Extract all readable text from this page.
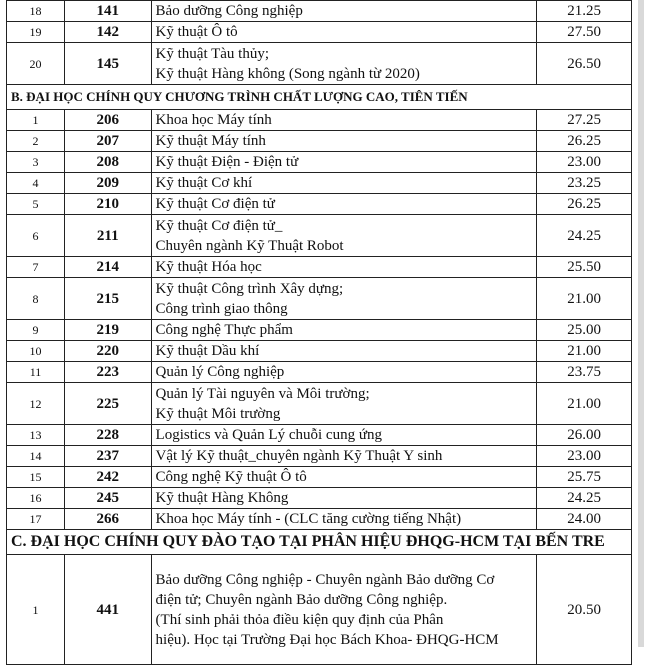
18	141	Bảo dưỡng Công nghiệp	21.25
19	142	Kỹ thuật Ô tô	27.50
20	145	Kỹ thuật Tàu thủy;
Kỹ thuật Hàng không (Song ngành từ 2020)	26.50
B. ĐẠI HỌC CHÍNH QUY CHƯƠNG TRÌNH CHẤT LƯỢNG CAO, TIÊN TIẾN			
1	206	Khoa học Máy tính	27.25
2	207	Kỹ thuật Máy tính	26.25
3	208	Kỹ thuật Điện - Điện tử	23.00
4	209	Kỹ thuật Cơ khí	23.25
5	210	Kỹ thuật Cơ điện tử	26.25
6	211	Kỹ thuật Cơ điện tử_
Chuyên ngành Kỹ Thuật Robot	24.25
7	214	Kỹ thuật Hóa học	25.50
8	215	Kỹ thuật Công trình Xây dựng;
Công trình giao thông	21.00
9	219	Công nghệ Thực phẩm	25.00
10	220	Kỹ thuật Dầu khí	21.00
11	223	Quản lý Công nghiệp	23.75
12	225	Quản lý Tài nguyên và Môi trường;
Kỹ thuật Môi trường	21.00
13	228	Logistics và Quản Lý chuỗi cung ứng	26.00
14	237	Vật lý Kỹ thuật_chuyên ngành Kỹ Thuật Y sinh	23.00
15	242	Công nghệ Kỹ thuật Ô tô	25.75
16	245	Kỹ thuật Hàng Không	24.25
17	266	Khoa học Máy tính - (CLC tăng cường tiếng Nhật)	24.00
C. ĐẠI HỌC CHÍNH QUY ĐÀO TẠO TẠI PHÂN HIỆU ĐHQG-HCM TẠI BẾN TRE			
1	441	Bảo dưỡng Công nghiệp - Chuyên ngành Bảo dưỡng Cơ
điện tử; Chuyên ngành Bảo dưỡng Công nghiệp.
(Thí sinh phải thỏa điều kiện quy định của Phân
hiệu). Học tại Trường Đại học Bách Khoa- ĐHQG-HCM	20.50
